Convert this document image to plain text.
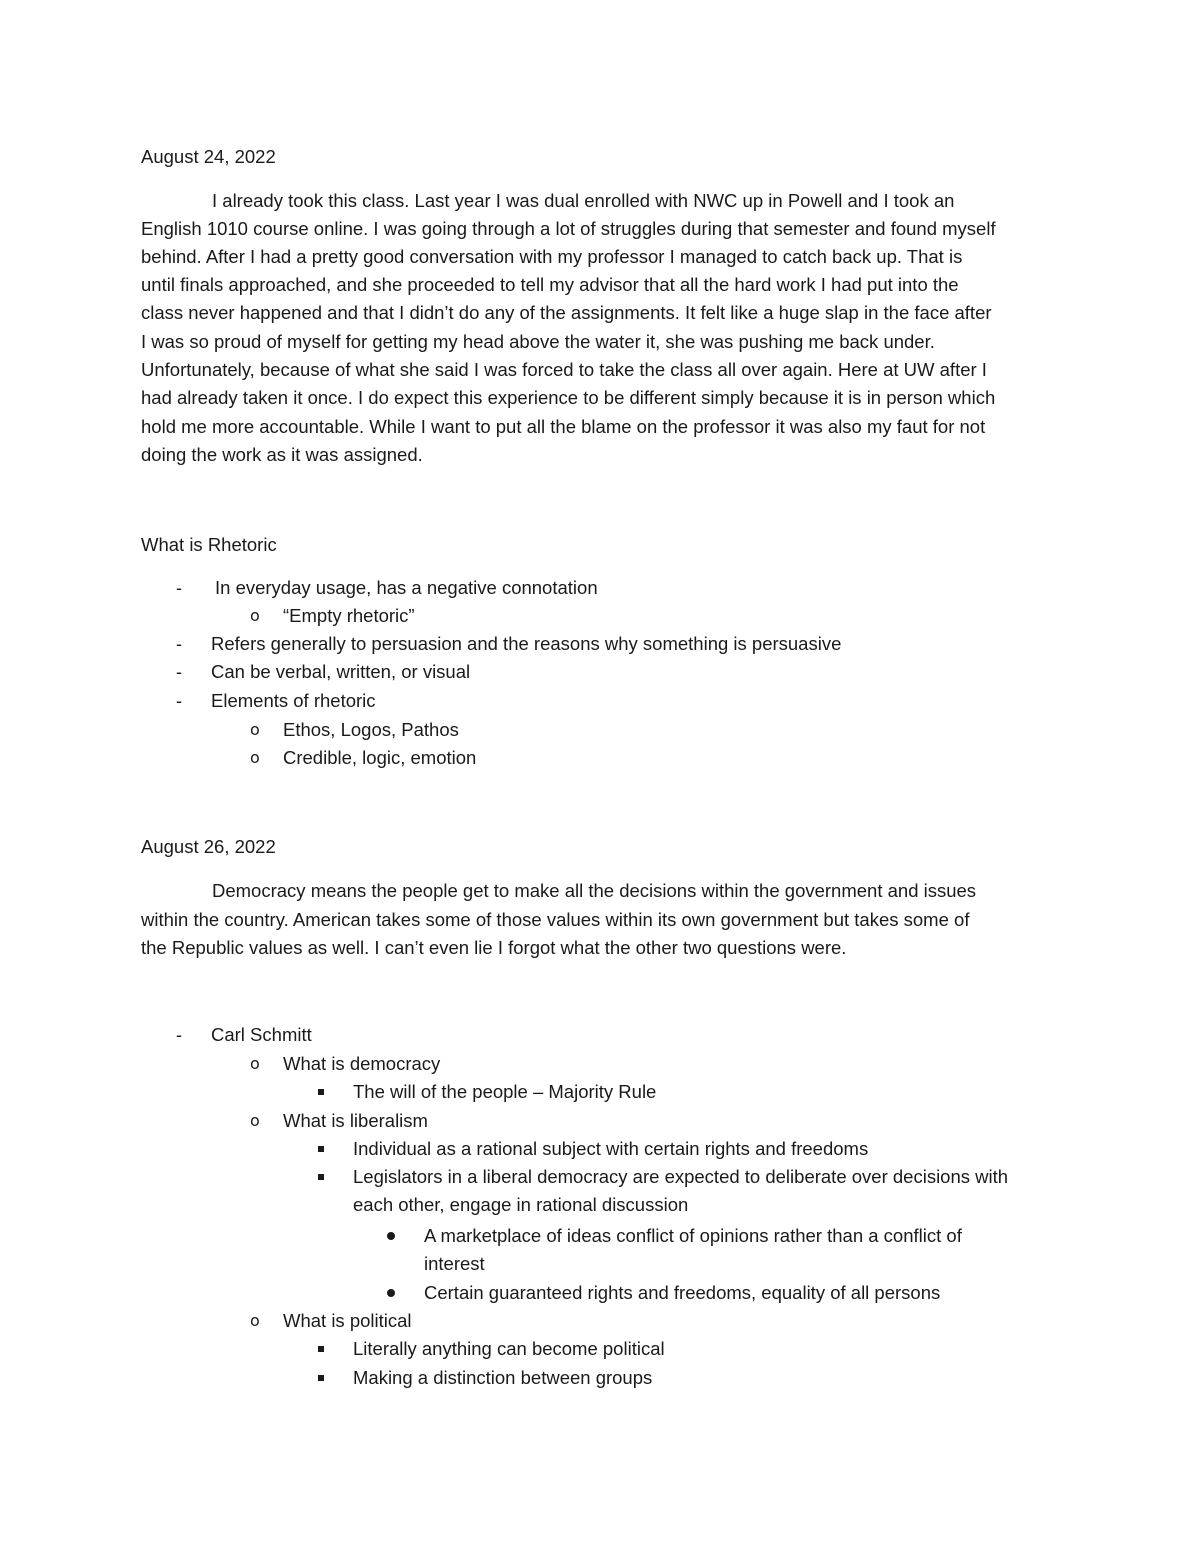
August 24, 2022
I already took this class. Last year I was dual enrolled with NWC up in Powell and I took an
English 1010 course online. I was going through a lot of struggles during that semester and found myself
behind. After I had a pretty good conversation with my professor I managed to catch back up. That is
until finals approached, and she proceeded to tell my advisor that all the hard work I had put into the
class never happened and that I didn’t do any of the assignments. It felt like a huge slap in the face after
I was so proud of myself for getting my head above the water it, she was pushing me back under.
Unfortunately, because of what she said I was forced to take the class all over again. Here at UW after I
had already taken it once. I do expect this experience to be different simply because it is in person which
hold me more accountable. While I want to put all the blame on the professor it was also my faut for not
doing the work as it was assigned.
What is Rhetoric
- In everyday usage, has a negative connotation
o “Empty rhetoric”
- Refers generally to persuasion and the reasons why something is persuasive
- Can be verbal, written, or visual
- Elements of rhetoric
o Ethos, Logos, Pathos
o Credible, logic, emotion
August 26, 2022
Democracy means the people get to make all the decisions within the government and issues
within the country. American takes some of those values within its own government but takes some of
the Republic values as well. I can’t even lie I forgot what the other two questions were.
- Carl Schmitt
o What is democracy
The will of the people – Majority Rule
o What is liberalism
Individual as a rational subject with certain rights and freedoms
Legislators in a liberal democracy are expected to deliberate over decisions with
each other, engage in rational discussion
A marketplace of ideas conflict of opinions rather than a conflict of
interest
Certain guaranteed rights and freedoms, equality of all persons
o What is political
Literally anything can become political
Making a distinction between groups
